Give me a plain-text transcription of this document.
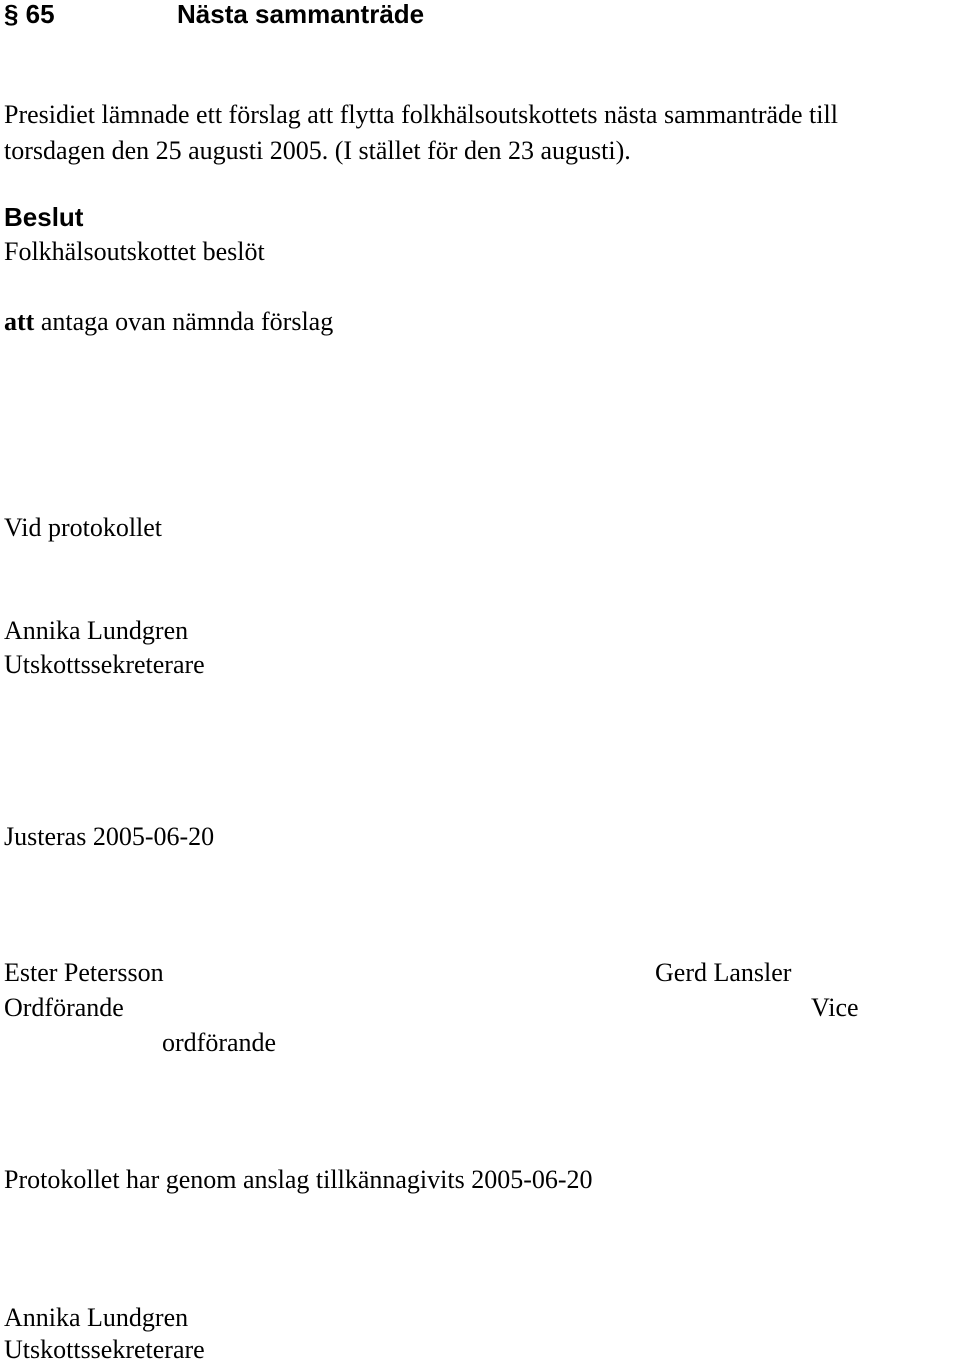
§ 65	Nästa sammanträde
Presidiet lämnade ett förslag att flytta folkhälsoutskottets nästa sammanträde till
torsdagen den 25 augusti 2005. (I stället för den 23 augusti).
Beslut
Folkhälsoutskottet beslöt
att antaga ovan nämnda förslag
Vid protokollet
Annika Lundgren
Utskottssekreterare
Justeras 2005-06-20
Ester Petersson
Ordförande
Gerd Lansler
Vice
ordförande
Protokollet har genom anslag tillkännagivits 2005-06-20
Annika Lundgren
Utskottssekreterare
